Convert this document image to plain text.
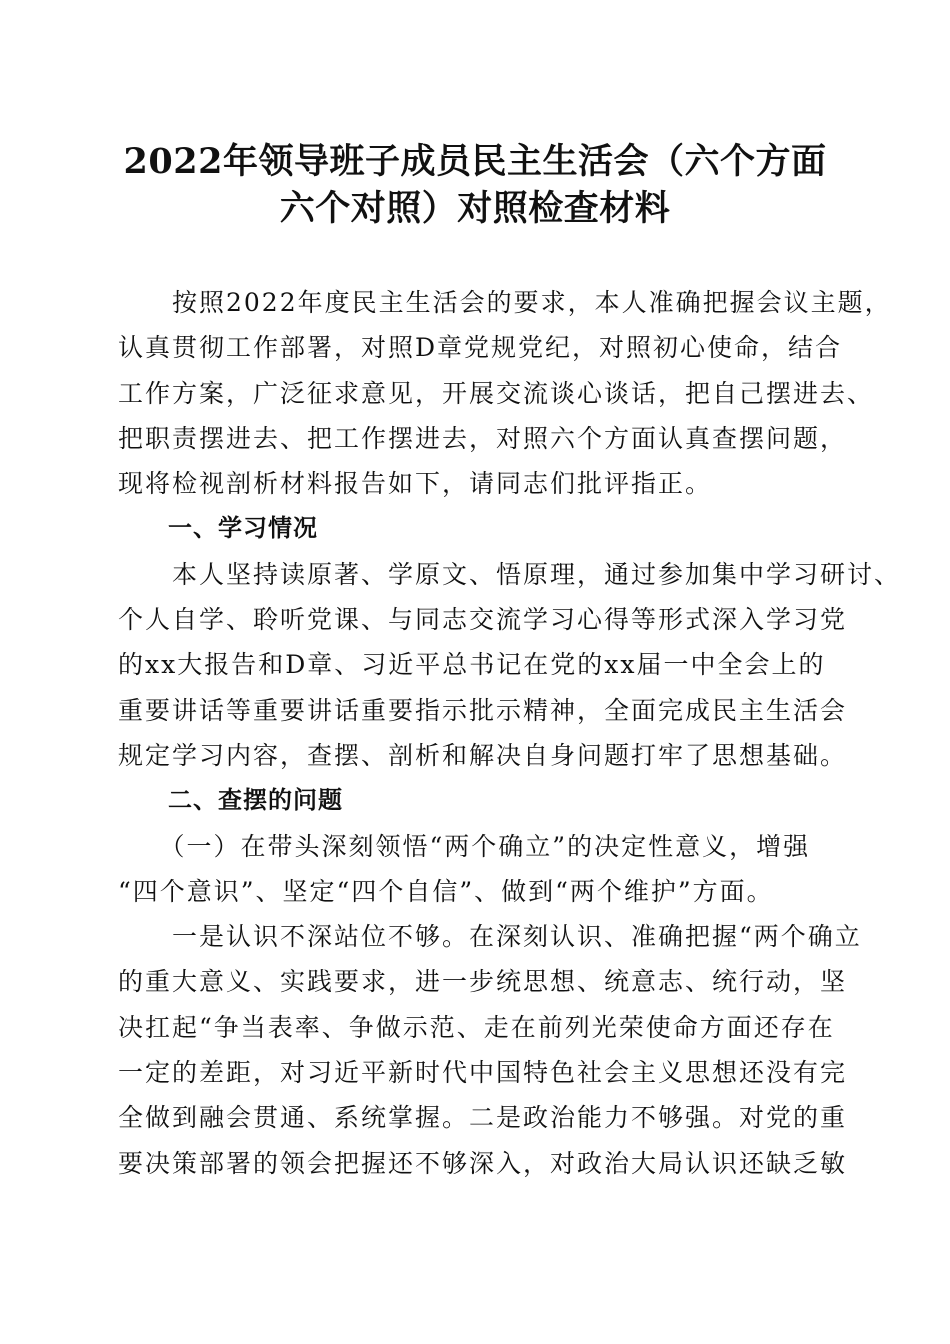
2022年领导班子成员民主生活会（六个方面
六个对照）对照检查材料
　　按照2022年度民主生活会的要求，本人准确把握会议主题，
认真贯彻工作部署，对照D章党规党纪，对照初心使命，结合
工作方案，广泛征求意见，开展交流谈心谈话，把自己摆进去、
把职责摆进去、把工作摆进去，对照六个方面认真查摆问题，
现将检视剖析材料报告如下，请同志们批评指正。
　　一、学习情况
　　本人坚持读原著、学原文、悟原理，通过参加集中学习研讨、
个人自学、聆听党课、与同志交流学习心得等形式深入学习党
的xx大报告和D章、习近平总书记在党的xx届一中全会上的
重要讲话等重要讲话重要指示批示精神，全面完成民主生活会
规定学习内容，查摆、剖析和解决自身问题打牢了思想基础。
　　二、查摆的问题
　　（一）在带头深刻领悟“两个确立”的决定性意义，增强
“四个意识”、坚定“四个自信”、做到“两个维护”方面。
　　一是认识不深站位不够。在深刻认识、准确把握“两个确立
的重大意义、实践要求，进一步统思想、统意志、统行动，坚
决扛起“争当表率、争做示范、走在前列光荣使命方面还存在
一定的差距，对习近平新时代中国特色社会主义思想还没有完
全做到融会贯通、系统掌握。二是政治能力不够强。对党的重
要决策部署的领会把握还不够深入，对政治大局认识还缺乏敏
